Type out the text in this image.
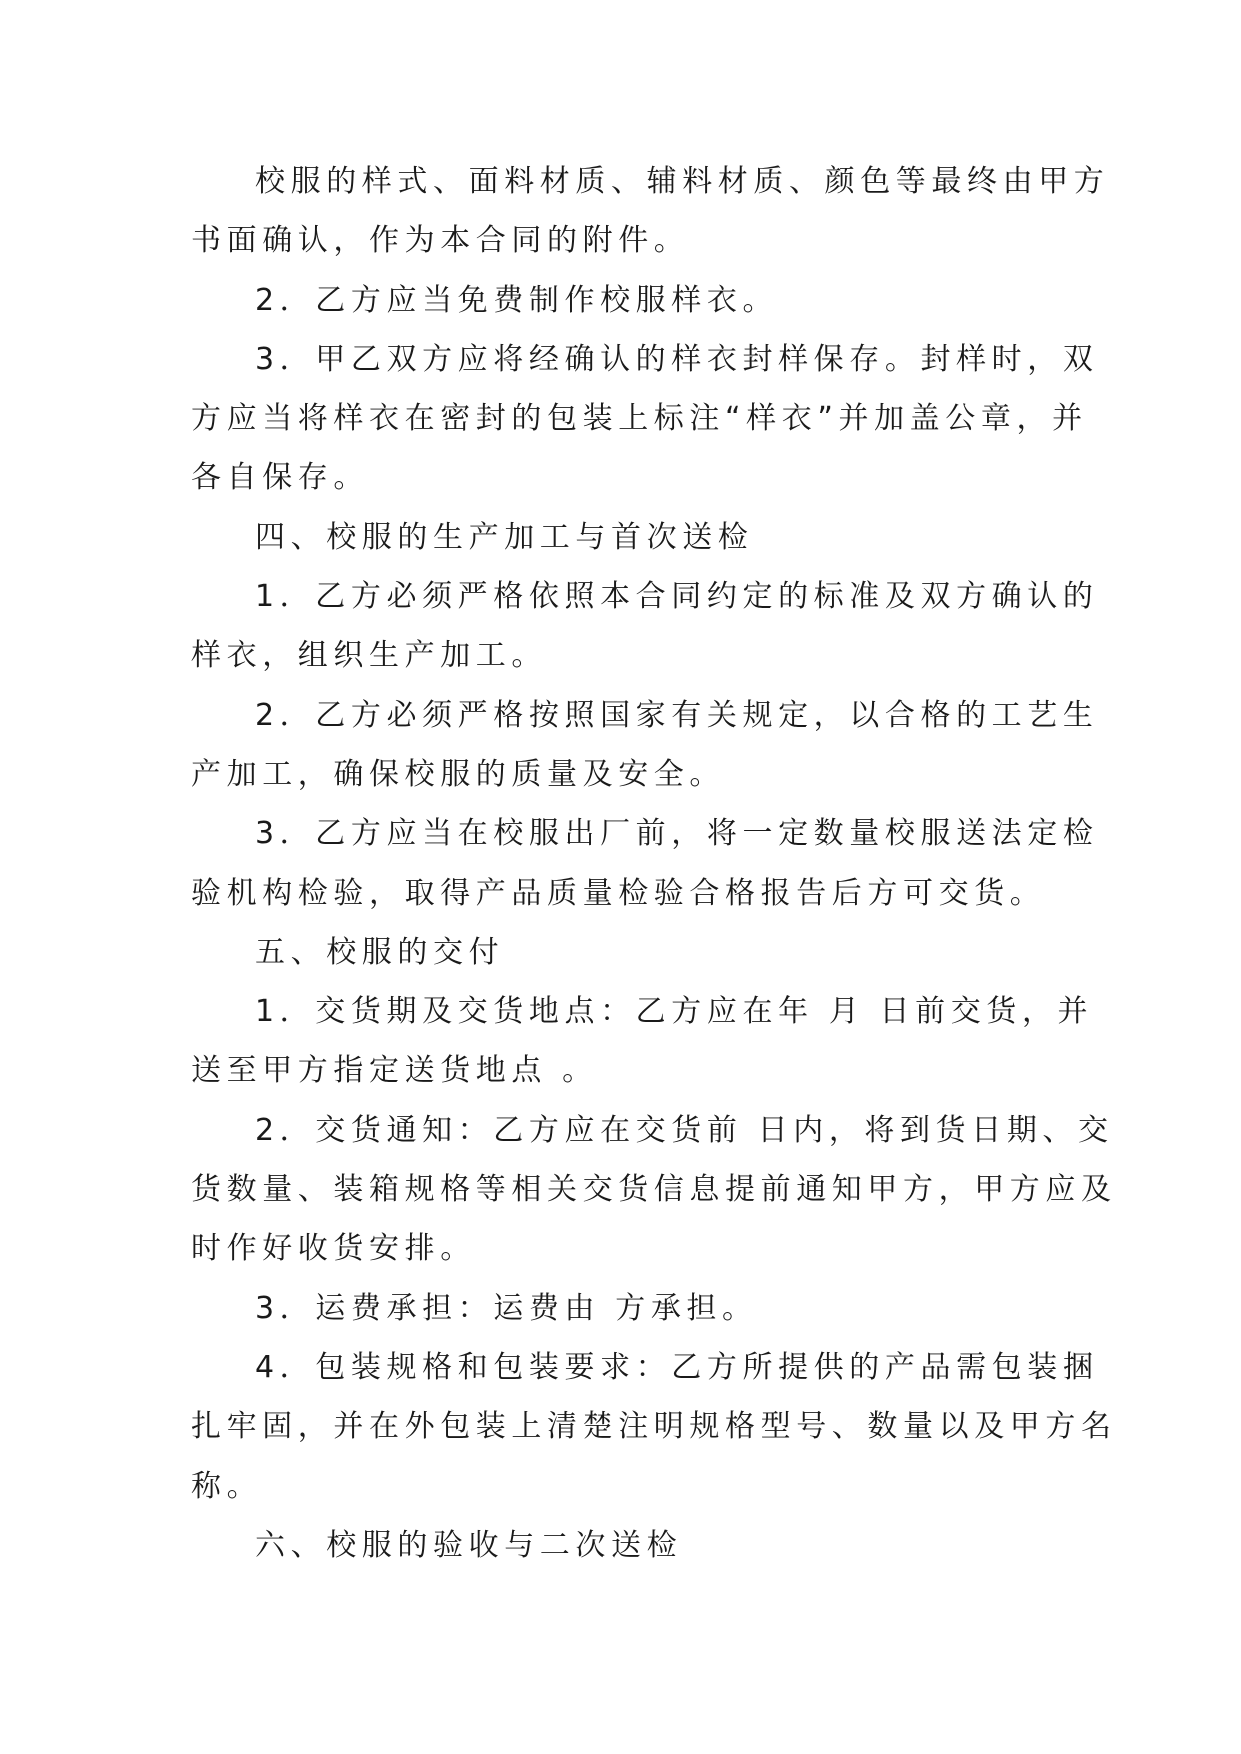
校服的样式、面料材质、辅料材质、颜色等最终由甲方
书面确认，作为本合同的附件。
2．乙方应当免费制作校服样衣。
3．甲乙双方应将经确认的样衣封样保存。封样时，双
方应当将样衣在密封的包装上标注“样衣”并加盖公章，并
各自保存。
四、校服的生产加工与首次送检
1．乙方必须严格依照本合同约定的标准及双方确认的
样衣，组织生产加工。
2．乙方必须严格按照国家有关规定，以合格的工艺生
产加工，确保校服的质量及安全。
3．乙方应当在校服出厂前，将一定数量校服送法定检
验机构检验，取得产品质量检验合格报告后方可交货。
五、校服的交付
1．交货期及交货地点：乙方应在年 月 日前交货，并
送至甲方指定送货地点 。
2．交货通知：乙方应在交货前 日内，将到货日期、交
货数量、装箱规格等相关交货信息提前通知甲方，甲方应及
时作好收货安排。
3．运费承担：运费由 方承担。
4．包装规格和包装要求：乙方所提供的产品需包装捆
扎牢固，并在外包装上清楚注明规格型号、数量以及甲方名
称。
六、校服的验收与二次送检
